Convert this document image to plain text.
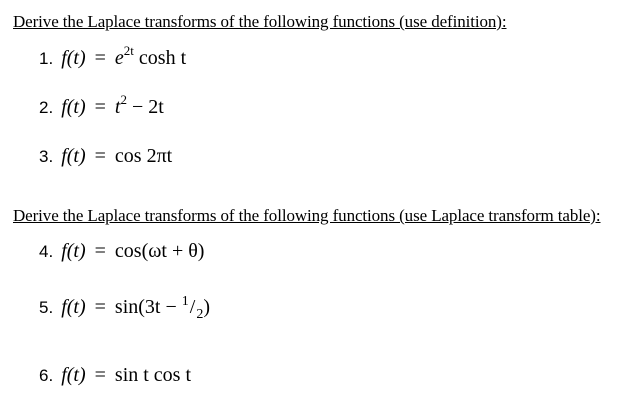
Derive the Laplace transforms of the following functions (use definition):
1. $f(t) = e^{2t}$ cosh t
2. $f(t) = t^2 - 2t$
3. f(t) = cos 2πt
Derive the Laplace transforms of the following functions (use Laplace transform table):
4. f(t) = cos(ωt + θ)
5. $f(t) = \sin(3t - ^1/_2)$
6. f(t) = sin t cos t
